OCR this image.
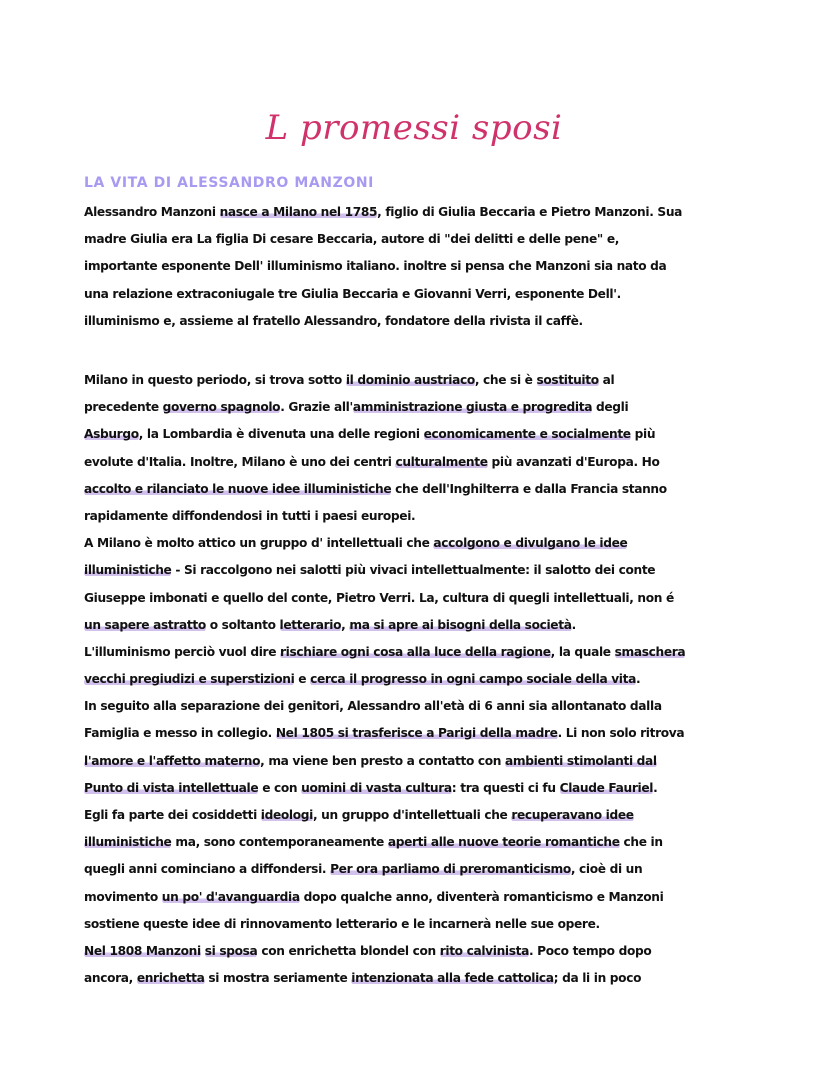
L promessi sposi
LA VITA DI ALESSANDRO MANZONI
Alessandro Manzoni nasce a Milano nel 1785, figlio di Giulia Beccaria e Pietro Manzoni. Sua
madre Giulia era La figlia Di cesare Beccaria, autore di "dei delitti e delle pene" e,
importante esponente Dell' illuminismo italiano. inoltre si pensa che Manzoni sia nato da
una relazione extraconiugale tre Giulia Beccaria e Giovanni Verri, esponente Dell'.
illuminismo e, assieme al fratello Alessandro, fondatore della rivista il caffè.
Milano in questo periodo, si trova sotto il dominio austriaco, che si è sostituito al
precedente governo spagnolo. Grazie all'amministrazione giusta e progredita degli
Asburgo, la Lombardia è divenuta una delle regioni economicamente e socialmente più
evolute d'Italia. Inoltre, Milano è uno dei centri culturalmente più avanzati d'Europa. Ho
accolto e rilanciato le nuove idee illuministiche che dell'Inghilterra e dalla Francia stanno
rapidamente diffondendosi in tutti i paesi europei.
A Milano è molto attico un gruppo d' intellettuali che accolgono e divulgano le idee
illuministiche - Si raccolgono nei salotti più vivaci intellettualmente: il salotto dei conte
Giuseppe imbonati e quello del conte, Pietro Verri. La, cultura di quegli intellettuali, non é
un sapere astratto o soltanto letterario, ma si apre ai bisogni della società.
L'illuminismo perciò vuol dire rischiare ogni cosa alla luce della ragione, la quale smaschera
vecchi pregiudizi e superstizioni e cerca il progresso in ogni campo sociale della vita.
In seguito alla separazione dei genitori, Alessandro all'età di 6 anni sia allontanato dalla
Famiglia e messo in collegio. Nel 1805 si trasferisce a Parigi della madre. Li non solo ritrova
l'amore e l'affetto materno, ma viene ben presto a contatto con ambienti stimolanti dal
Punto di vista intellettuale e con uomini di vasta cultura: tra questi ci fu Claude Fauriel.
Egli fa parte dei cosiddetti ideologi, un gruppo d'intellettuali che recuperavano idee
illuministiche ma, sono contemporaneamente aperti alle nuove teorie romantiche che in
quegli anni cominciano a diffondersi. Per ora parliamo di preromanticismo, cioè di un
movimento un po' d'avanguardia dopo qualche anno, diventerà romanticismo e Manzoni
sostiene queste idee di rinnovamento letterario e le incarnerà nelle sue opere.
Nel 1808 Manzoni si sposa con enrichetta blondel con rito calvinista. Poco tempo dopo
ancora, enrichetta si mostra seriamente intenzionata alla fede cattolica; da li in poco
